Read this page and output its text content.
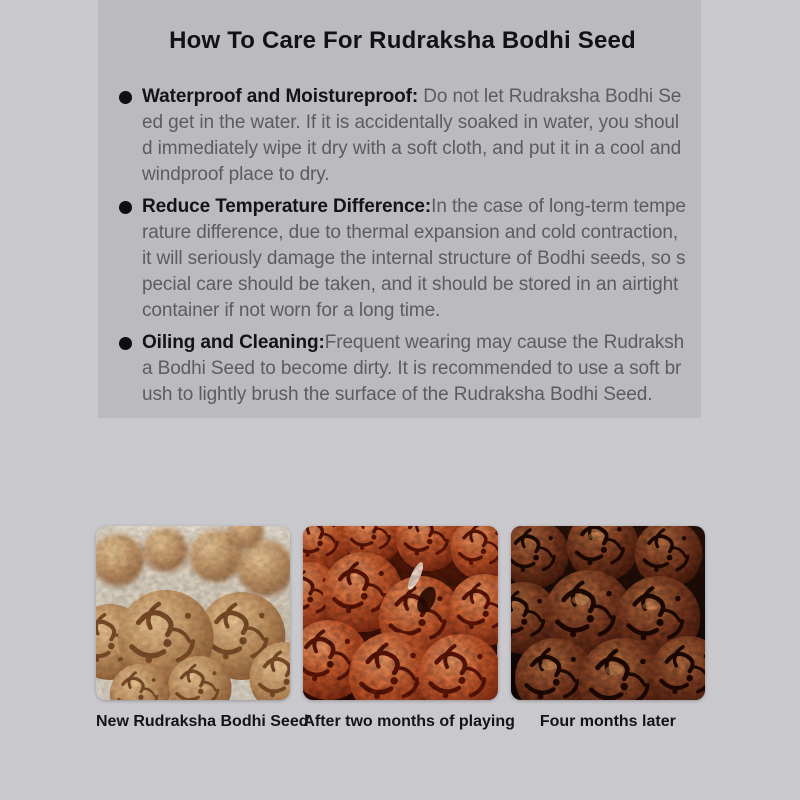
How To Care For Rudraksha Bodhi Seed

Waterproof and Moistureproof: Do not let Rudraksha Bodhi Seed get in the water. If it is accidentally soaked in water, you should immediately wipe it dry with a soft cloth, and put it in a cool and windproof place to dry.

Reduce Temperature Difference:In the case of long-term temperature difference, due to thermal expansion and cold contraction, it will seriously damage the internal structure of Bodhi seeds, so special care should be taken, and it should be stored in an airtight container if not worn for a long time.

Oiling and Cleaning:Frequent wearing may cause the Rudraksha Bodhi Seed to become dirty. It is recommended to use a soft brush to lightly brush the surface of the Rudraksha Bodhi Seed.

New Rudraksha Bodhi Seed
After two months of playing	Four months later
